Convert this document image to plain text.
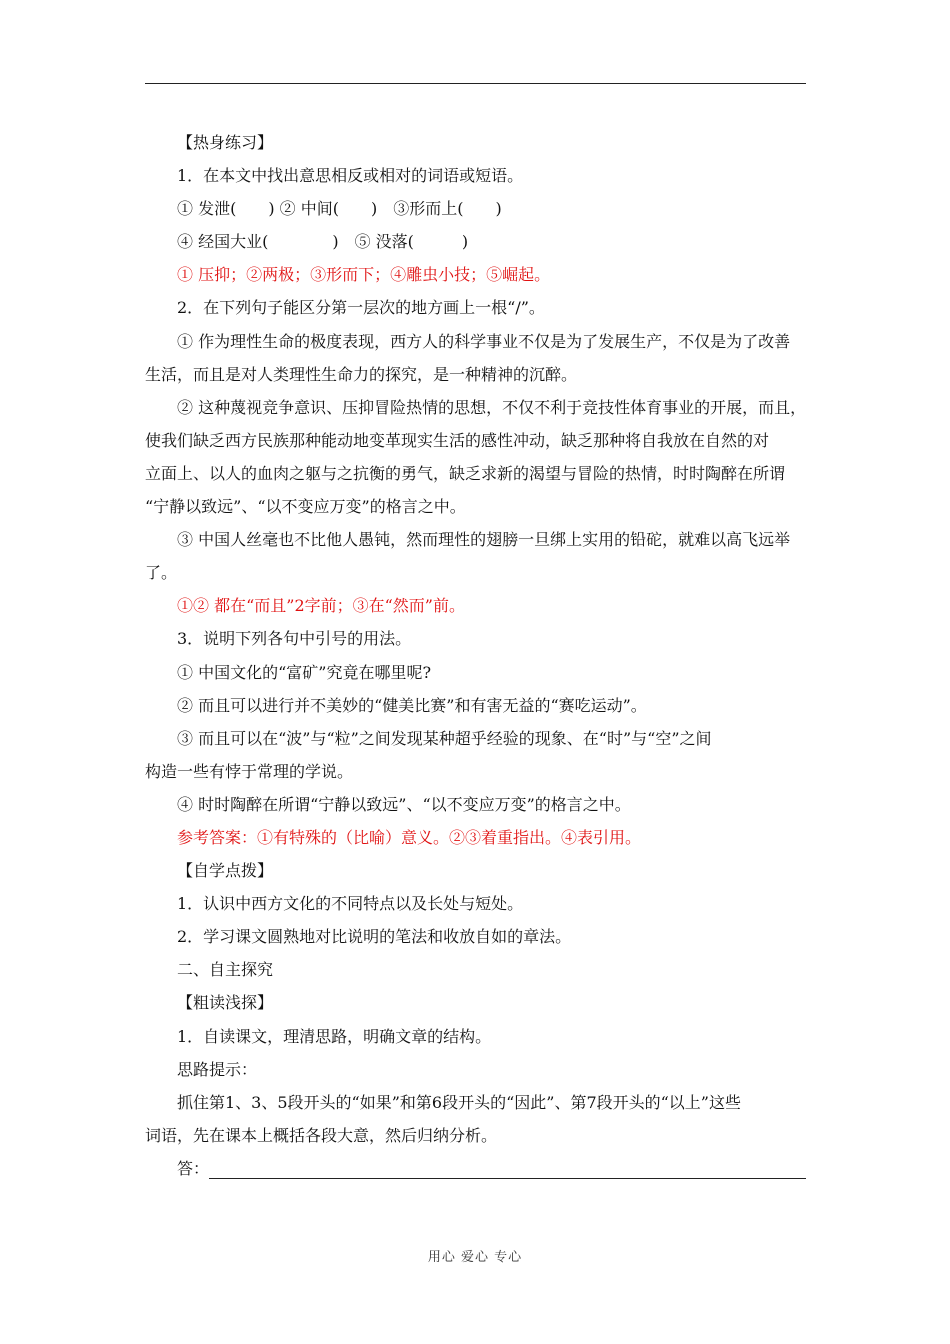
【热身练习】
1．在本文中找出意思相反或相对的词语或短语。
① 发泄(　　) ② 中间(　　)　③形而上(　　)
④ 经国大业(　　　　)　⑤ 没落(　　　)
① 压抑；②两极；③形而下；④雕虫小技；⑤崛起。
2．在下列句子能区分第一层次的地方画上一根“/”。
① 作为理性生命的极度表现，西方人的科学事业不仅是为了发展生产，不仅是为了改善
生活，而且是对人类理性生命力的探究，是一种精神的沉醉。
② 这种蔑视竞争意识、压抑冒险热情的思想，不仅不利于竞技性体育事业的开展，而且，
使我们缺乏西方民族那种能动地变革现实生活的感性冲动，缺乏那种将自我放在自然的对
立面上、以人的血肉之躯与之抗衡的勇气，缺乏求新的渴望与冒险的热情，时时陶醉在所谓
“宁静以致远”、“以不变应万变”的格言之中。
③ 中国人丝毫也不比他人愚钝，然而理性的翅膀一旦绑上实用的铅砣，就难以高飞远举
了。
①② 都在“而且”2字前；③在“然而”前。
3．说明下列各句中引号的用法。
① 中国文化的“富矿”究竟在哪里呢?
② 而且可以进行并不美妙的“健美比赛”和有害无益的“赛吃运动”。
③ 而且可以在“波”与“粒”之间发现某种超乎经验的现象、在“时”与“空”之间
构造一些有悖于常理的学说。
④ 时时陶醉在所谓“宁静以致远”、“以不变应万变”的格言之中。
参考答案：①有特殊的（比喻）意义。②③着重指出。④表引用。
【自学点拨】
1．认识中西方文化的不同特点以及长处与短处。
2．学习课文圆熟地对比说明的笔法和收放自如的章法。
二、自主探究
【粗读浅探】
1．自读课文，理清思路，明确文章的结构。
思路提示：
抓住第1、3、5段开头的“如果”和第6段开头的“因此”、第7段开头的“以上”这些
词语，先在课本上概括各段大意，然后归纳分析。
答：
用心 爱心 专心
